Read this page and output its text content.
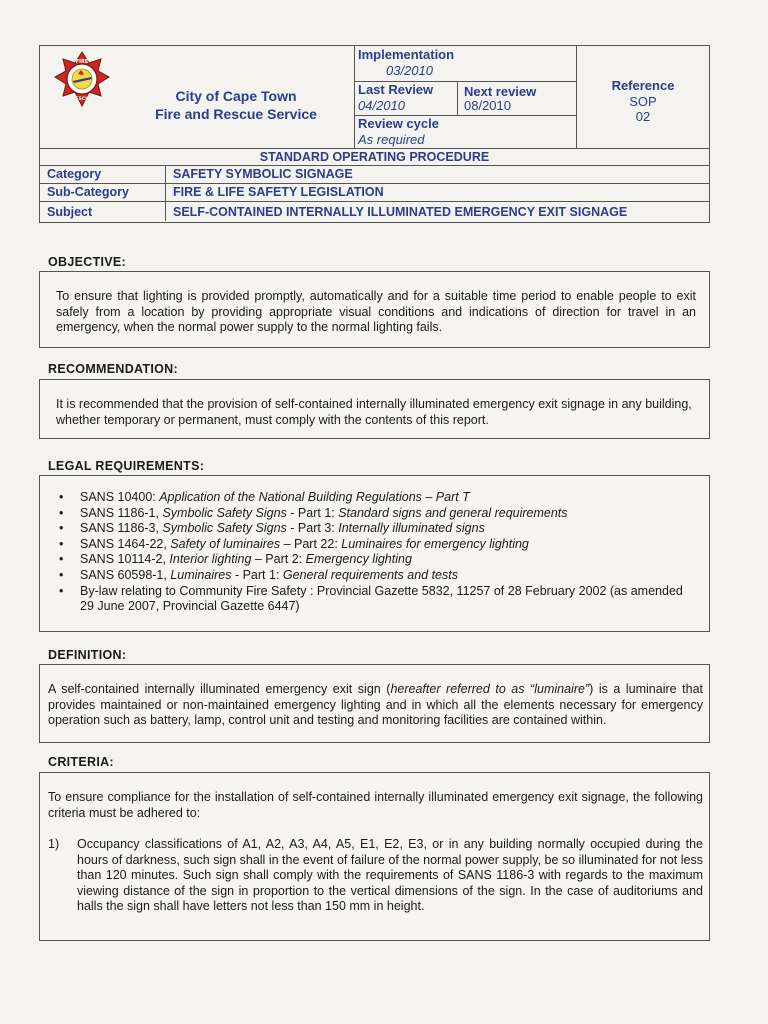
FIRE
RESCUE	City of Cape Town
Fire and Rescue Service
Implementation
03/2010
Last Review
04/2010
Next review
08/2010
Review cycle
As required
Reference
SOP
02
STANDARD OPERATING PROCEDURE
Category	SAFETY SYMBOLIC SIGNAGE
Sub-Category	FIRE & LIFE SAFETY LEGISLATION
Subject	SELF-CONTAINED INTERNALLY ILLUMINATED EMERGENCY EXIT SIGNAGE
OBJECTIVE:

To ensure that lighting is provided promptly, automatically and for a suitable time period to enable people to exit safely from a location by providing appropriate visual conditions and indications of direction for travel in an emergency, when the normal power supply to the normal lighting fails.

RECOMMENDATION:

It is recommended that the provision of self-contained internally illuminated emergency exit signage in any building, whether temporary or permanent, must comply with the contents of this report.

LEGAL REQUIREMENTS:
• SANS 10400: Application of the National Building Regulations – Part T
• SANS 1186-1, Symbolic Safety Signs - Part 1: Standard signs and general requirements
• SANS 1186-3, Symbolic Safety Signs - Part 3: Internally illuminated signs
• SANS 1464-22, Safety of luminaires – Part 22: Luminaires for emergency lighting
• SANS 10114-2, Interior lighting – Part 2: Emergency lighting
• SANS 60598-1, Luminaires - Part 1: General requirements and tests
• By-law relating to Community Fire Safety : Provincial Gazette 5832, 11257 of 28 February 2002 (as amended 29 June 2007, Provincial Gazette 6447)
DEFINITION:

A self-contained internally illuminated emergency exit sign (hereafter referred to as “luminaire”) is a luminaire that provides maintained or non-maintained emergency lighting and in which all the elements necessary for emergency operation such as battery, lamp, control unit and testing and monitoring facilities are contained within.

CRITERIA:

To ensure compliance for the installation of self-contained internally illuminated emergency exit signage, the following criteria must be adhered to:

1) Occupancy classifications of A1, A2, A3, A4, A5, E1, E2, E3, or in any building normally occupied during the hours of darkness, such sign shall in the event of failure of the normal power supply, be so illuminated for not less than 120 minutes. Such sign shall comply with the requirements of SANS 1186-3 with regards to the maximum viewing distance of the sign in proportion to the vertical dimensions of the sign. In the case of auditoriums and halls the sign shall have letters not less than 150 mm in height.
